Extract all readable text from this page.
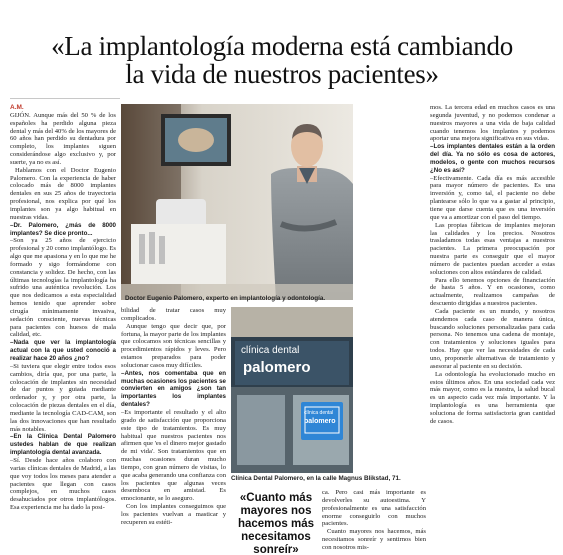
«La implantología moderna está cambiando
la vida de nuestros pacientes»
A.M.

GIJÓN. Aunque más del 50 % de los españoles ha perdido alguna pieza dental y más del 40% de los mayores de 60 años han perdido su dentadura por completo, los implantes siguen considerándose algo exclusivo y, por suerte, ya no es así.

Hablamos con el Doctor Eugenio Palomero. Con la experiencia de haber colocado más de 8000 implantes dentales en sus 25 años de trayectoria profesional, nos explica por qué los implantes son ya algo habitual en nuestras vidas.

–Dr. Palomero, ¿más de 8000 implantes? Se dice pronto...

–Son ya 25 años de ejercicio profesional y 20 como implantólogo. Es algo que me apasiona y en lo que me he formado y sigo formándome con constancia y solidez. De hecho, con las últimas tecnologías la implantología ha sufrido una auténtica revolución. Los que nos dedicamos a esta especialidad hemos tenido que aprender sobre cirugía mínimamente invasiva, sedación consciente, nuevas técnicas para pacientes con huesos de mala calidad, etc.

–Nada que ver la implantología actual con la que usted conoció a realizar hace 20 años ¿no?

–Si tuviera que elegir entre todos esos cambios, diría que, por una parte, la colocación de implantes sin necesidad de dar puntos y guiada mediante ordenador y, y por otra parte, la colocación de piezas dentales en el día, mediante la tecnología CAD-CAM, son las dos innovaciones que han resultado más notables.

–En la Clínica Dental Palomero ustedes hablan de que realizan implantología dental avanzada.

–Sí. Desde hace años colaboro con varias clínicas dentales de Madrid, a las que voy todos los meses para atender a pacientes que llegan con casos complejos, en muchos casos desahuciados por otros implantólogos. Esa experiencia me ha dado la posi-

Doctor Eugenio Palomero, experto en implantología y odontología.

bilidad de tratar casos muy complicados.

Aunque tengo que decir que, por fortuna, la mayor parte de los implantes que colocamos son técnicas sencillas y procedimientos rápidos y leves. Pero estamos preparados para poder solucionar casos muy difíciles.

–Antes, nos comentaba que en muchas ocasiones los pacientes se convierten en amigos ¿son tan importantes los implantes dentales?

–Es importante el resultado y el alto grado de satisfacción que proporciona este tipo de tratamientos. Es muy habitual que nuestros pacientes nos afirmen que 'es el dinero mejor gastado de mi vida'. Son tratamientos que en muchas ocasiones duran mucho tiempo, con gran número de visitas, lo que acaba generando una confianza con los pacientes que algunas veces desemboca en amistad. Es emocionante, se lo aseguro.

Con los implantes conseguimos que los pacientes vuelvan a masticar y recuperen su estéti-

clínica dental
palomero
clínica dental
palomero
Clínica Dental Palomero, en la calle Magnus Blikstad, 71.
«Cuanto más mayores nos hacemos más necesitamos sonreír»

ca. Pero casi más importante es devolverles su autoestima. Y profesionalmente es una satisfacción enorme conseguirlo con muchos pacientes.

Cuanto mayores nos hacemos, más necesitamos sonreír y sentirnos bien con nosotros mis-

mos. La tercera edad en muchos casos es una segunda juventud, y no podemos condenar a nuestros mayores a una vida de baja calidad cuando tenemos los implantes y podemos aportar una mejora significativa en sus vidas.

–Los implantes dentales están a la orden del día. Ya no sólo es cosa de actores, modelos, o gente con muchos recursos ¿No es así?

–Efectivamente. Cada día es más accesible para mayor número de pacientes. Es una inversión y, como tal, el paciente no debe plantearse sólo lo que va a gastar al principio, tiene que darse cuenta que es una inversión que va a amortizar con el paso del tiempo.

Las propias fábricas de implantes mejoran las calidades y los precios. Nosotros trasladamos todas esas ventajas a nuestros pacientes. La primera preocupación por nuestra parte es conseguir que el mayor número de pacientes puedan acceder a estas soluciones con altos estándares de calidad.

Para ello tenemos opciones de financiación de hasta 5 años. Y en ocasiones, como actualmente, realizamos campañas de descuento dirigidas a nuestros pacientes.

Cada paciente es un mundo, y nosotros atendemos cada caso de manera única, buscando soluciones personalizadas para cada persona. No tenemos una cadena de montaje, con tratamientos y soluciones iguales para todos. Hay que ver las necesidades de cada uno, proponerle alternativas de tratamiento y asesorar al paciente en su decisión.

La odontología ha evolucionado mucho en estos últimos años. En una sociedad cada vez más mayor, como es la nuestra, la salud bucal es un aspecto cada vez más importante. Y la implantología es una herramienta que soluciona de forma satisfactoria gran cantidad de casos.
